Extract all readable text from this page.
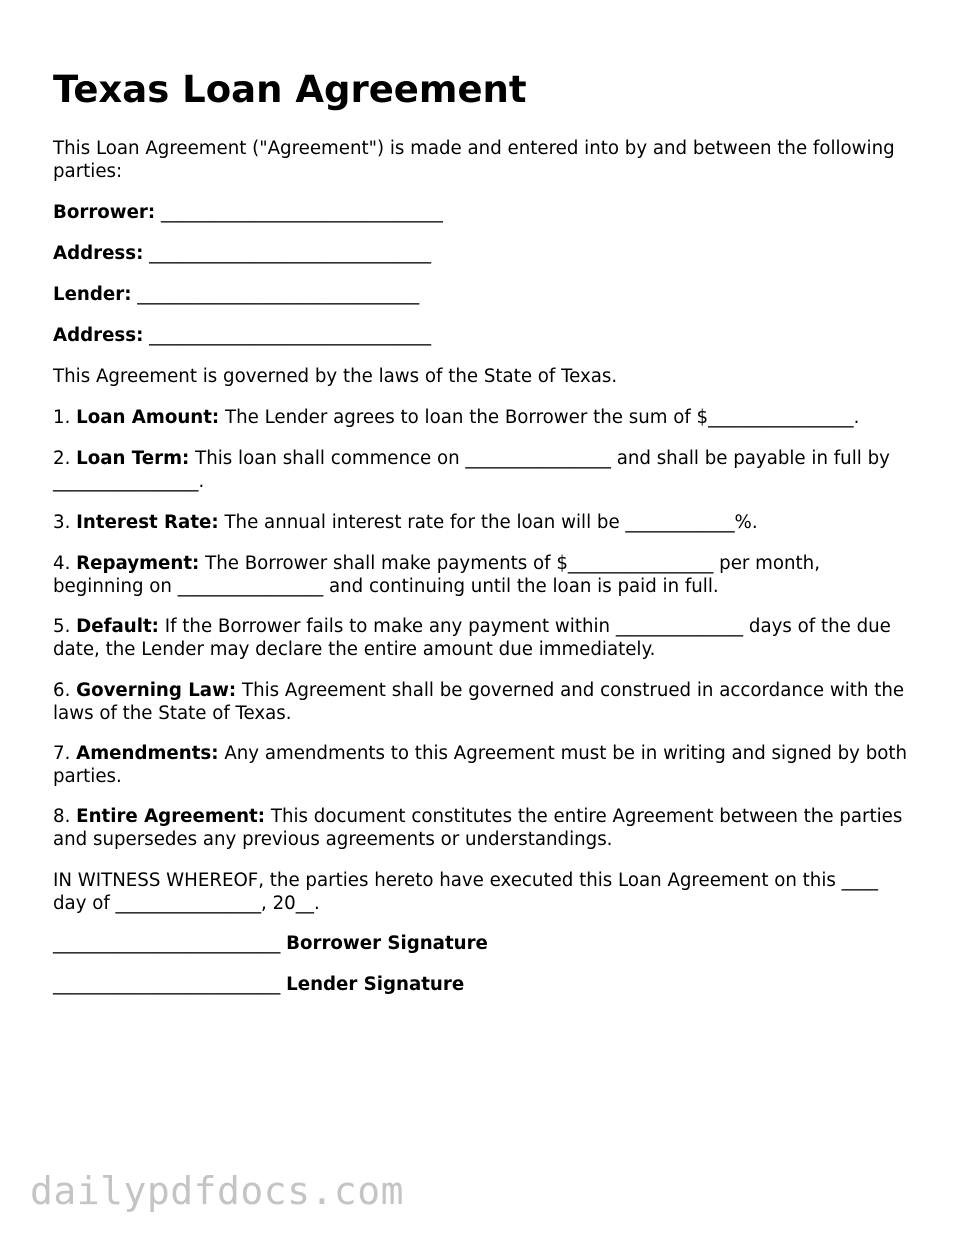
Texas Loan Agreement

This Loan Agreement ("Agreement") is made and entered into by and between the following parties:

Borrower: _______________________________

Address: _______________________________

Lender: _______________________________

Address: _______________________________

This Agreement is governed by the laws of the State of Texas.

1. Loan Amount: The Lender agrees to loan the Borrower the sum of $________________.

2. Loan Term: This loan shall commence on ________________ and shall be payable in full by ________________.

3. Interest Rate: The annual interest rate for the loan will be ____________%.

4. Repayment: The Borrower shall make payments of $________________ per month, beginning on ________________ and continuing until the loan is paid in full.

5. Default: If the Borrower fails to make any payment within ______________ days of the due date, the Lender may declare the entire amount due immediately.

6. Governing Law: This Agreement shall be governed and construed in accordance with the laws of the State of Texas.

7. Amendments: Any amendments to this Agreement must be in writing and signed by both parties.

8. Entire Agreement: This document constitutes the entire Agreement between the parties and supersedes any previous agreements or understandings.

IN WITNESS WHEREOF, the parties hereto have executed this Loan Agreement on this ____ day of ________________, 20__.

_________________________ Borrower Signature

_________________________ Lender Signature

dailypdfdocs.com
